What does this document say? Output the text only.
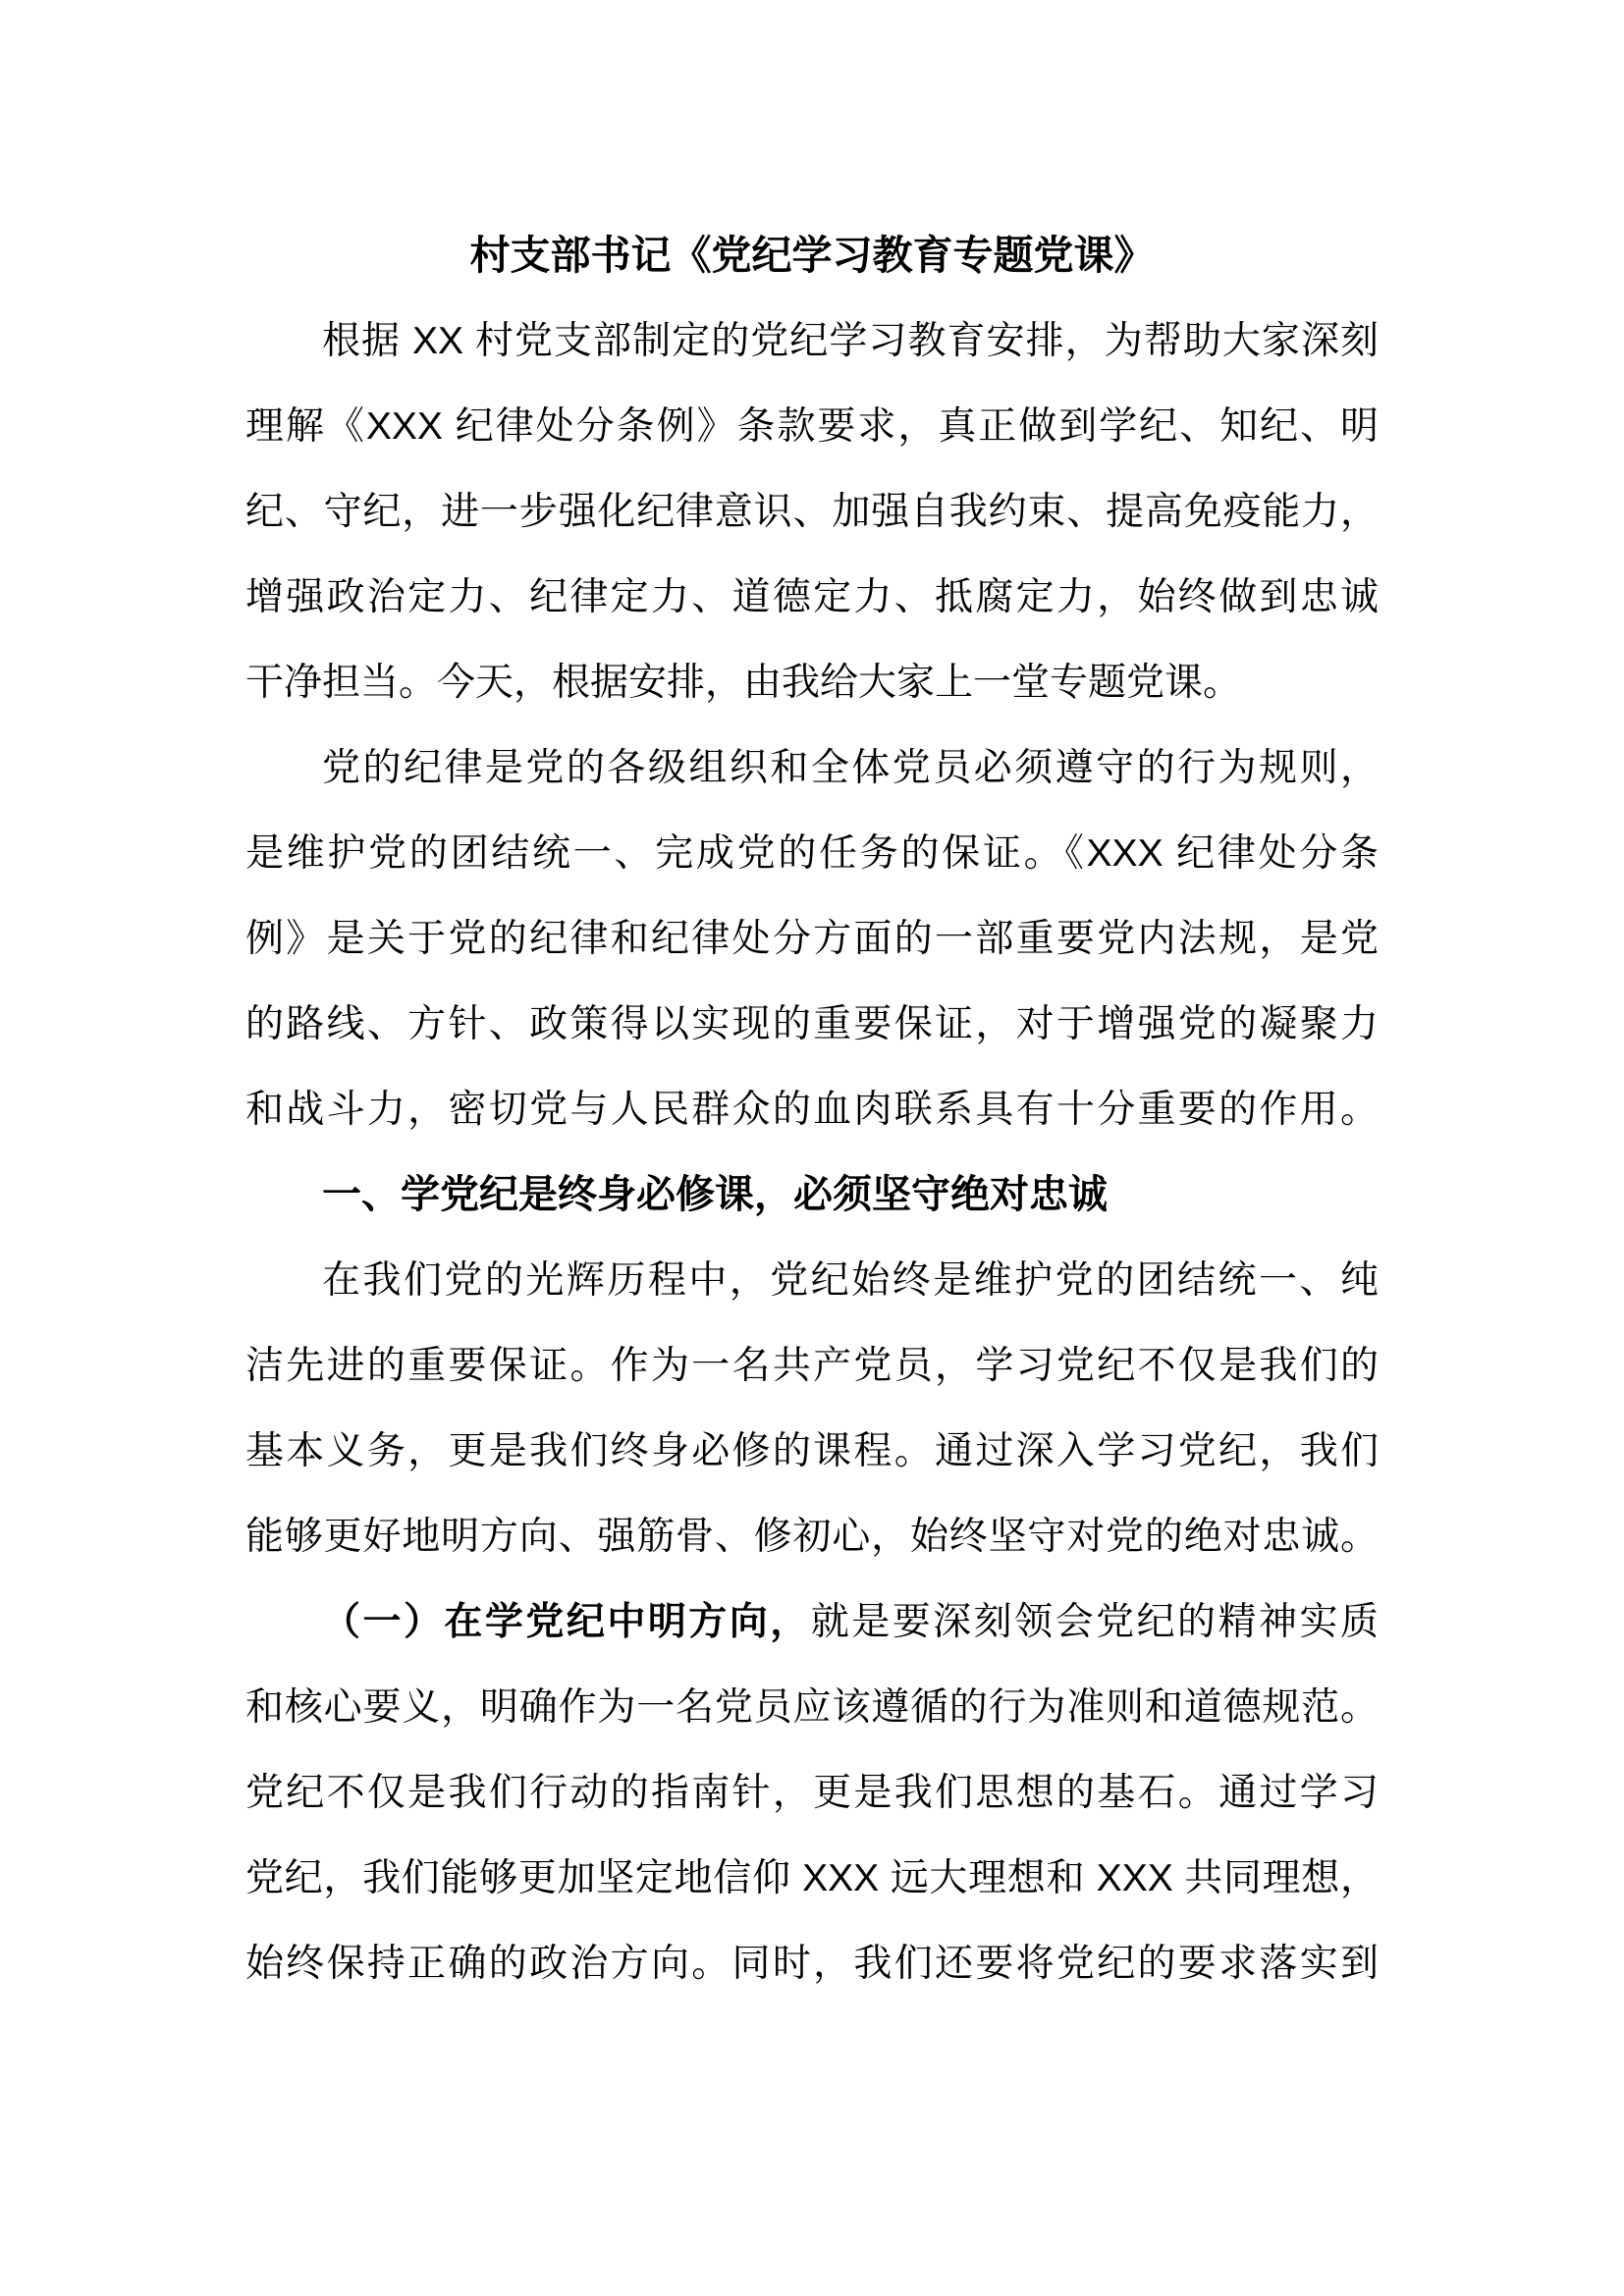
村支部书记《党纪学习教育专题党课》
根据 XX 村党支部制定的党纪学习教育安排，为帮助大家深刻
理解《XXX 纪律处分条例》条款要求，真正做到学纪、知纪、明
纪、守纪，进一步强化纪律意识、加强自我约束、提高免疫能力，
增强政治定力、纪律定力、道德定力、抵腐定力，始终做到忠诚
干净担当。今天，根据安排，由我给大家上一堂专题党课。
党的纪律是党的各级组织和全体党员必须遵守的行为规则，
是维护党的团结统一、完成党的任务的保证。《XXX 纪律处分条
例》是关于党的纪律和纪律处分方面的一部重要党内法规，是党
的路线、方针、政策得以实现的重要保证，对于增强党的凝聚力
和战斗力，密切党与人民群众的血肉联系具有十分重要的作用。
一、学党纪是终身必修课，必须坚守绝对忠诚
在我们党的光辉历程中，党纪始终是维护党的团结统一、纯
洁先进的重要保证。作为一名共产党员，学习党纪不仅是我们的
基本义务，更是我们终身必修的课程。通过深入学习党纪，我们
能够更好地明方向、强筋骨、修初心，始终坚守对党的绝对忠诚。
（一）在学党纪中明方向，就是要深刻领会党纪的精神实质
和核心要义，明确作为一名党员应该遵循的行为准则和道德规范。
党纪不仅是我们行动的指南针，更是我们思想的基石。通过学习
党纪，我们能够更加坚定地信仰 XXX 远大理想和 XXX 共同理想，
始终保持正确的政治方向。同时，我们还要将党纪的要求落实到
